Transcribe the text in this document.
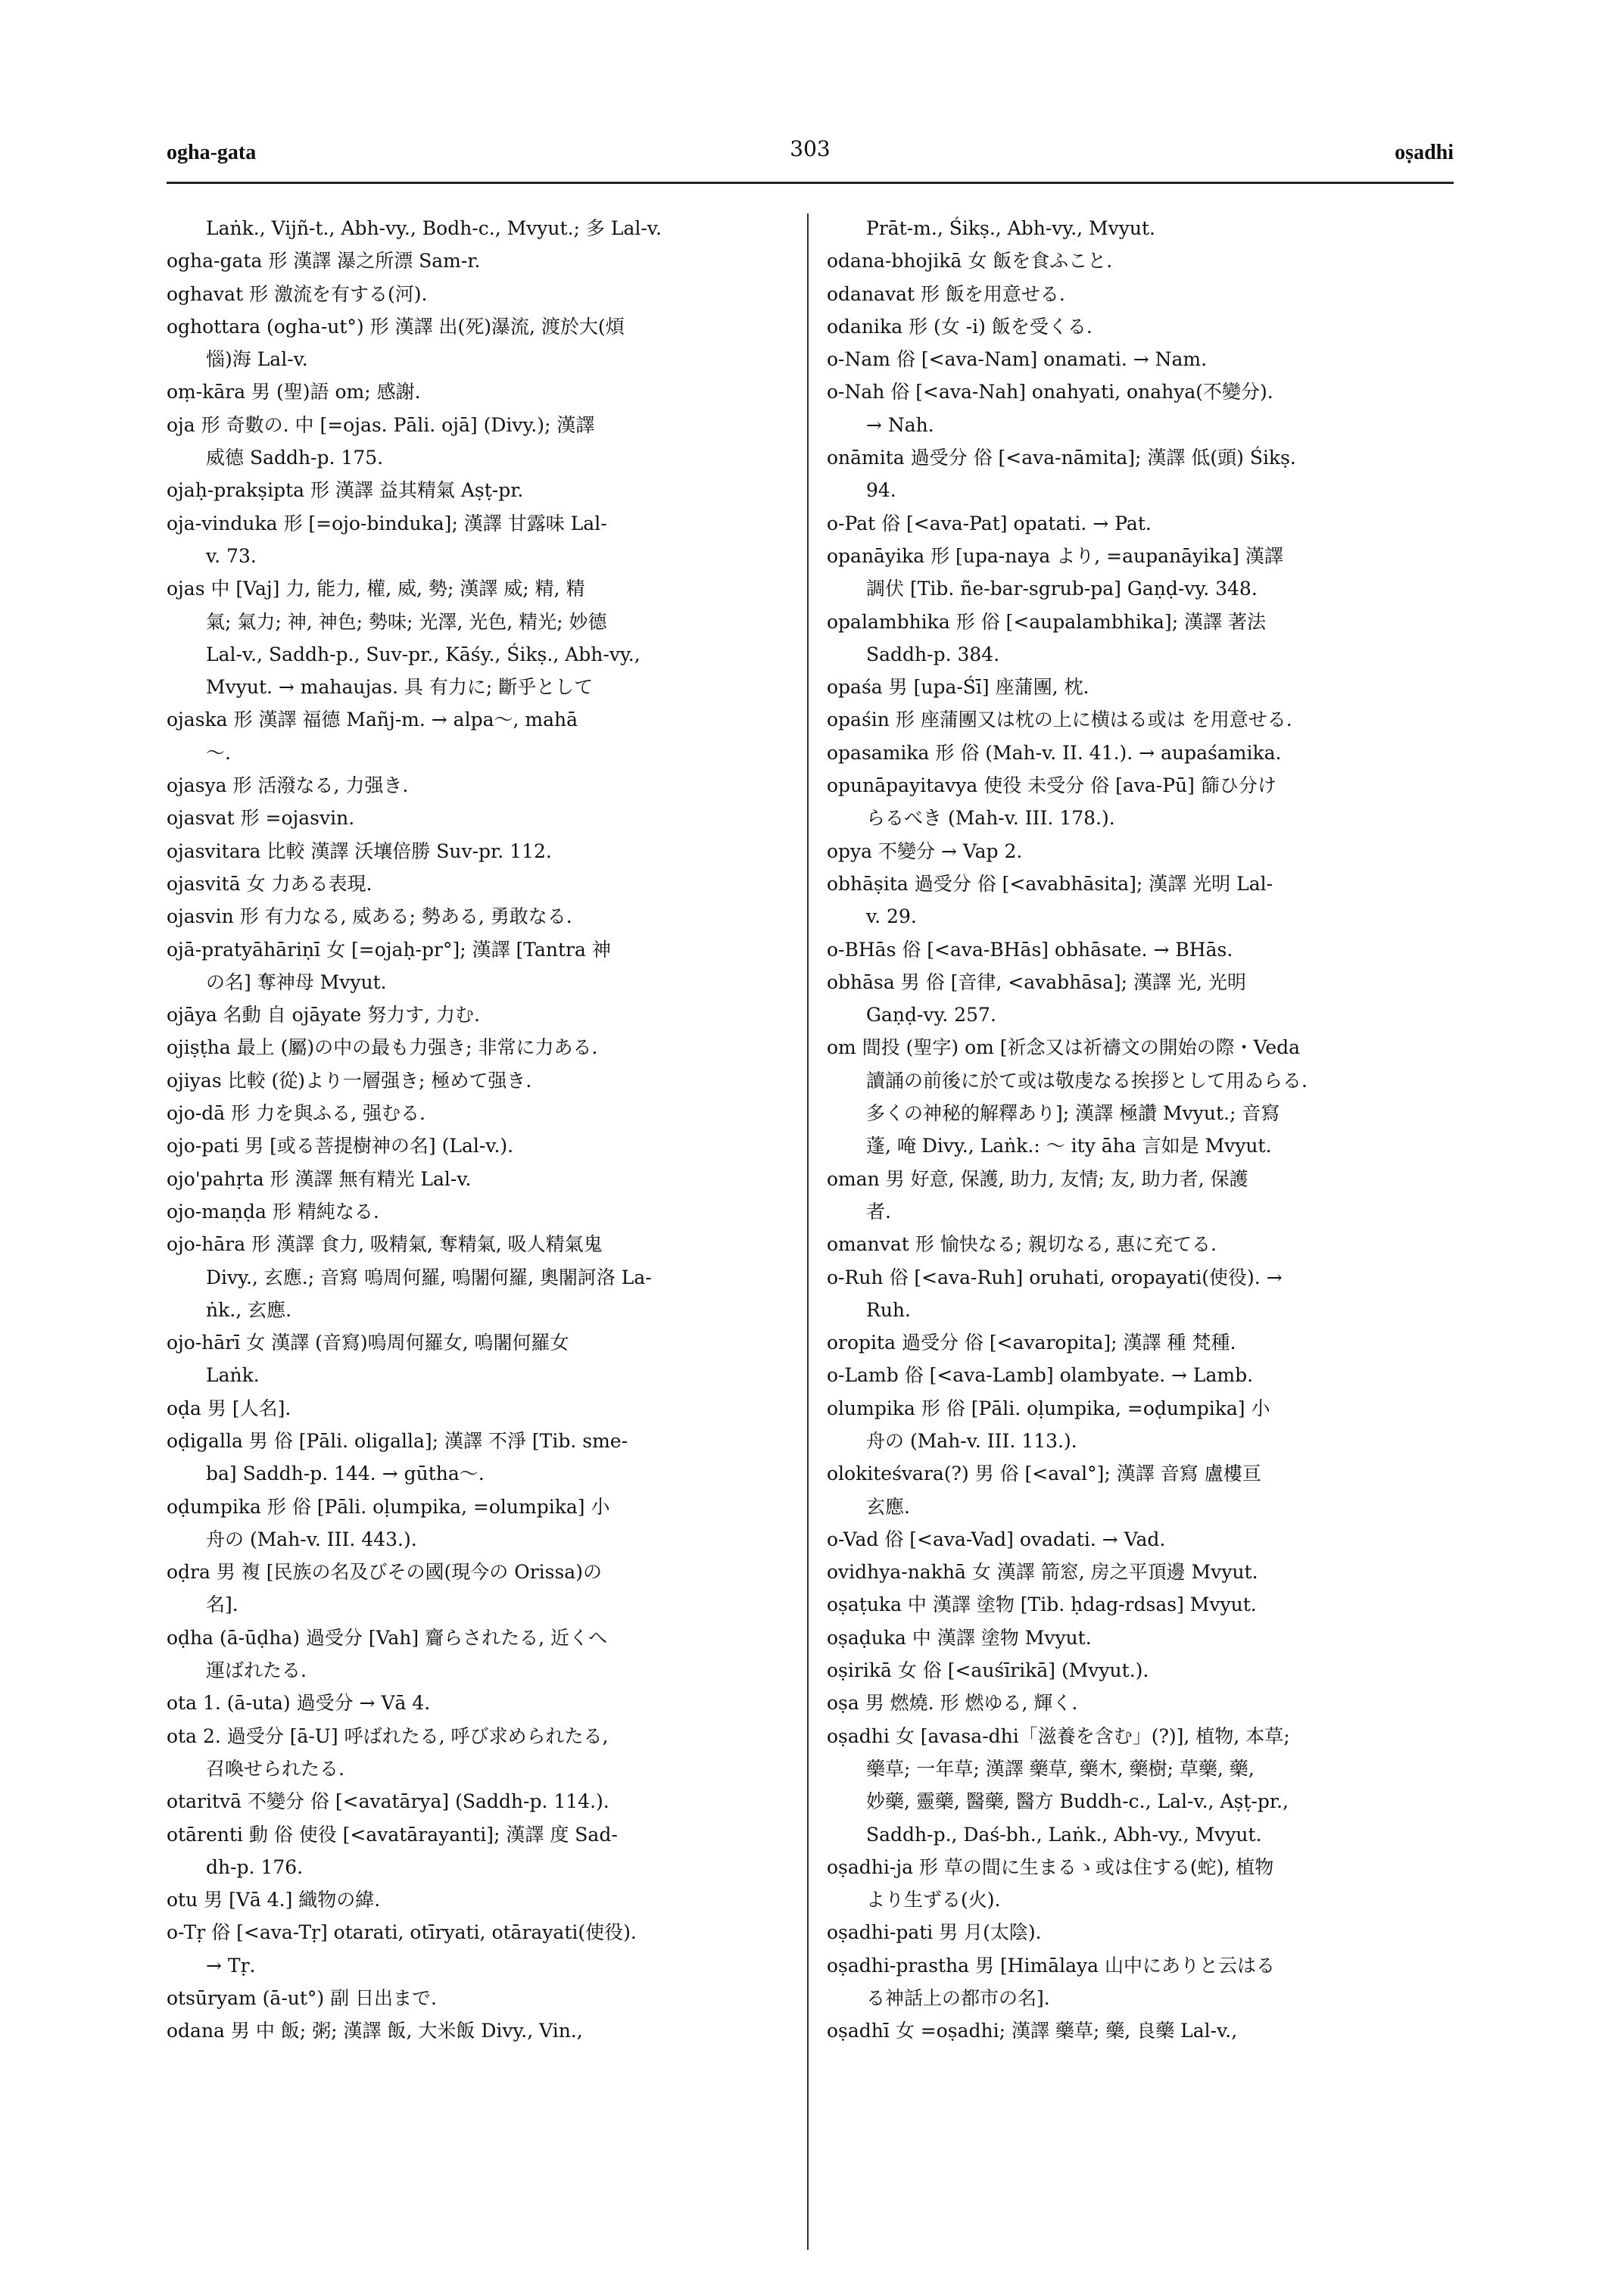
ogha-gata	303	oṣadhi
Laṅk., Vijñ-t., Abh-vy., Bodh-c., Mvyut.; 多 Lal-v.
ogha-gata 形 漢譯 瀑之所漂 Sam-r.
oghavat 形 激流を有する(河).
oghottara (ogha-ut°) 形 漢譯 出(死)瀑流, 渡於大(煩
惱)海 Lal-v.
oṃ-kāra 男 (聖)語 om; 感謝.
oja 形 奇數の. 中 [=ojas. Pāli. ojā] (Divy.); 漢譯
威德 Saddh-p. 175.
ojaḥ-prakṣipta 形 漢譯 益其精氣 Aṣṭ-pr.
oja-vinduka 形 [=ojo-binduka]; 漢譯 甘露味 Lal-
v. 73.
ojas 中 [Vaj] 力, 能力, 權, 威, 勢; 漢譯 威; 精, 精
氣; 氣力; 神, 神色; 勢味; 光澤, 光色, 精光; 妙德
Lal-v., Saddh-p., Suv-pr., Kāśy., Śikṣ., Abh-vy.,
Mvyut. → mahaujas. 具 有力に; 斷乎として
ojaska 形 漢譯 福德 Mañj-m. → alpa〜, mahā
〜.
ojasya 形 活潑なる, 力强き.
ojasvat 形 =ojasvin.
ojasvitara 比較 漢譯 沃壤倍勝 Suv-pr. 112.
ojasvitā 女 力ある表現.
ojasvin 形 有力なる, 威ある; 勢ある, 勇敢なる.
ojā-pratyāhāriṇī 女 [=ojaḥ-pr°]; 漢譯 [Tantra 神
の名] 奪神母 Mvyut.
ojāya 名動 自 ojāyate 努力す, 力む.
ojiṣṭha 最上 (屬)の中の最も力强き; 非常に力ある.
ojiyas 比較 (從)より一層强き; 極めて强き.
ojo-dā 形 力を與ふる, 强むる.
ojo-pati 男 [或る菩提樹神の名] (Lal-v.).
ojo'pahṛta 形 漢譯 無有精光 Lal-v.
ojo-maṇḍa 形 精純なる.
ojo-hāra 形 漢譯 食力, 吸精氣, 奪精氣, 吸人精氣鬼
Divy., 玄應.; 音寫 嗚周何羅, 嗚闍何羅, 奧闍訶洛 La-
ṅk., 玄應.
ojo-hārī 女 漢譯 (音寫)嗚周何羅女, 嗚闍何羅女
Laṅk.
oḍa 男 [人名].
oḍigalla 男 俗 [Pāli. oligalla]; 漢譯 不淨 [Tib. sme-
ba] Saddh-p. 144. → gūtha〜.
oḍumpika 形 俗 [Pāli. oḷumpika, =olumpika] 小
舟の (Mah-v. III. 443.).
oḍra 男 複 [民族の名及びその國(現今の Orissa)の
名].
oḍha (ā-ūḍha) 過受分 [Vah] 齎らされたる, 近くへ
運ばれたる.
ota 1. (ā-uta) 過受分 → Vā 4.
ota 2. 過受分 [ā-U] 呼ばれたる, 呼び求められたる,
召喚せられたる.
otaritvā 不變分 俗 [<avatārya] (Saddh-p. 114.).
otārenti 動 俗 使役 [<avatārayanti]; 漢譯 度 Sad-
dh-p. 176.
otu 男 [Vā 4.] 織物の緯.
o-Tṛ 俗 [<ava-Tṛ] otarati, otīryati, otārayati(使役).
→ Tṛ.
otsūryam (ā-ut°) 副 日出まで.
odana 男 中 飯; 粥; 漢譯 飯, 大米飯 Divy., Vin.,
Prāt-m., Śikṣ., Abh-vy., Mvyut.
odana-bhojikā 女 飯を食ふこと.
odanavat 形 飯を用意せる.
odanika 形 (女 -i) 飯を受くる.
o-Nam 俗 [<ava-Nam] onamati. → Nam.
o-Nah 俗 [<ava-Nah] onahyati, onahya(不變分).
→ Nah.
onāmita 過受分 俗 [<ava-nāmita]; 漢譯 低(頭) Śikṣ.
94.
o-Pat 俗 [<ava-Pat] opatati. → Pat.
opanāyika 形 [upa-naya より, =aupanāyika] 漢譯
調伏 [Tib. ñe-bar-sgrub-pa] Gaṇḍ-vy. 348.
opalambhika 形 俗 [<aupalambhika]; 漢譯 著法
Saddh-p. 384.
opaśa 男 [upa-Śī] 座蒲團, 枕.
opaśin 形 座蒲團又は枕の上に横はる或は を用意せる.
opasamika 形 俗 (Mah-v. II. 41.). → aupaśamika.
opunāpayitavya 使役 未受分 俗 [ava-Pū] 篩ひ分け
らるべき (Mah-v. III. 178.).
opya 不變分 → Vap 2.
obhāṣita 過受分 俗 [<avabhāsita]; 漢譯 光明 Lal-
v. 29.
o-BHās 俗 [<ava-BHās] obhāsate. → BHās.
obhāsa 男 俗 [音律, <avabhāsa]; 漢譯 光, 光明
Gaṇḍ-vy. 257.
om 間投 (聖字) om [祈念又は祈禱文の開始の際・Veda
讀誦の前後に於て或は敬虔なる挨拶として用ゐらる.
多くの神秘的解釋あり]; 漢譯 極讚 Mvyut.; 音寫
蓬, 唵 Divy., Laṅk.: 〜 ity āha 言如是 Mvyut.
oman 男 好意, 保護, 助力, 友情; 友, 助力者, 保護
者.
omanvat 形 愉快なる; 親切なる, 惠に充てる.
o-Ruh 俗 [<ava-Ruh] oruhati, oropayati(使役). →
Ruh.
oropita 過受分 俗 [<avaropita]; 漢譯 種 梵種.
o-Lamb 俗 [<ava-Lamb] olambyate. → Lamb.
olumpika 形 俗 [Pāli. oḷumpika, =oḍumpika] 小
舟の (Mah-v. III. 113.).
olokiteśvara(?) 男 俗 [<aval°]; 漢譯 音寫 盧樓亘
玄應.
o-Vad 俗 [<ava-Vad] ovadati. → Vad.
ovidhya-nakhā 女 漢譯 箭窓, 房之平頂邊 Mvyut.
oṣaṭuka 中 漢譯 塗物 [Tib. ḥdag-rdsas] Mvyut.
oṣaḍuka 中 漢譯 塗物 Mvyut.
oṣirikā 女 俗 [<auśīrikā] (Mvyut.).
oṣa 男 燃燒. 形 燃ゆる, 輝く.
oṣadhi 女 [avasa-dhi「滋養を含む」(?)], 植物, 本草;
藥草; 一年草; 漢譯 藥草, 藥木, 藥樹; 草藥, 藥,
妙藥, 靈藥, 醫藥, 醫方 Buddh-c., Lal-v., Aṣṭ-pr.,
Saddh-p., Daś-bh., Laṅk., Abh-vy., Mvyut.
oṣadhi-ja 形 草の間に生まるゝ或は住する(蛇), 植物
より生ずる(火).
oṣadhi-pati 男 月(太陰).
oṣadhi-prastha 男 [Himālaya 山中にありと云はる
る神話上の都市の名].
oṣadhī 女 =oṣadhi; 漢譯 藥草; 藥, 良藥 Lal-v.,
